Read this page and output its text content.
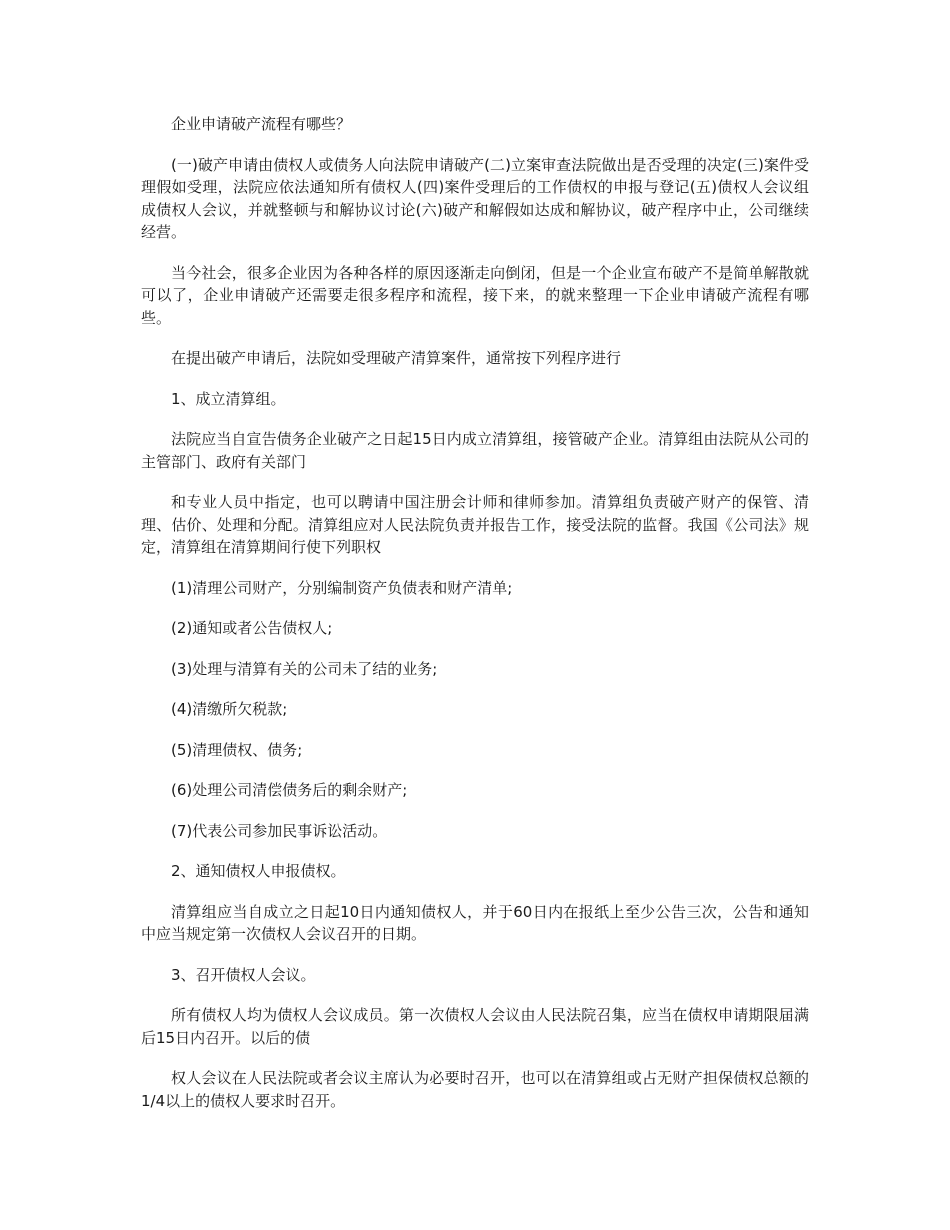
企业申请破产流程有哪些？

(一)破产申请由债权人或债务人向法院申请破产(二)立案审查法院做出是否受理的决定(三)案件受理假如受理，法院应依法通知所有债权人(四)案件受理后的工作债权的申报与登记(五)债权人会议组成债权人会议，并就整顿与和解协议讨论(六)破产和解假如达成和解协议，破产程序中止，公司继续经营。

当今社会，很多企业因为各种各样的原因逐渐走向倒闭，但是一个企业宣布破产不是简单解散就可以了，企业申请破产还需要走很多程序和流程，接下来，的就来整理一下企业申请破产流程有哪些。

在提出破产申请后，法院如受理破产清算案件，通常按下列程序进行

1、成立清算组。

法院应当自宣告债务企业破产之日起15日内成立清算组，接管破产企业。清算组由法院从公司的主管部门、政府有关部门

和专业人员中指定，也可以聘请中国注册会计师和律师参加。清算组负责破产财产的保管、清理、估价、处理和分配。清算组应对人民法院负责并报告工作，接受法院的监督。我国《公司法》规定，清算组在清算期间行使下列职权

(1)清理公司财产，分别编制资产负债表和财产清单;

(2)通知或者公告债权人;

(3)处理与清算有关的公司未了结的业务;

(4)清缴所欠税款;

(5)清理债权、债务;

(6)处理公司清偿债务后的剩余财产;

(7)代表公司参加民事诉讼活动。

2、通知债权人申报债权。

清算组应当自成立之日起10日内通知债权人，并于60日内在报纸上至少公告三次，公告和通知中应当规定第一次债权人会议召开的日期。

3、召开债权人会议。

所有债权人均为债权人会议成员。第一次债权人会议由人民法院召集，应当在债权申请期限届满后15日内召开。以后的债

权人会议在人民法院或者会议主席认为必要时召开，也可以在清算组或占无财产担保债权总额的1/4以上的债权人要求时召开。
